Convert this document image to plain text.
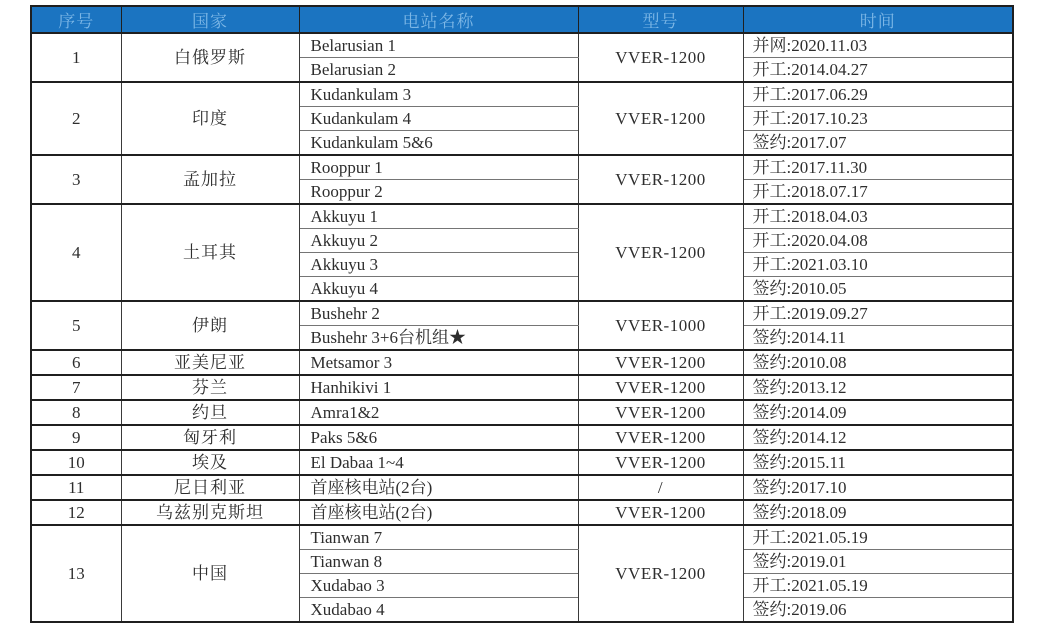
序号	国家	电站名称	型号	时间
1	白俄罗斯	Belarusian 1	VVER-1200	并网:2020.11.03
		Belarusian 2		开工:2014.04.27
2	印度	Kudankulam 3	VVER-1200	开工:2017.06.29
		Kudankulam 4		开工:2017.10.23
		Kudankulam 5&6		签约:2017.07
3	孟加拉	Rooppur 1	VVER-1200	开工:2017.11.30
		Rooppur 2		开工:2018.07.17
4	土耳其	Akkuyu 1	VVER-1200	开工:2018.04.03
		Akkuyu 2		开工:2020.04.08
		Akkuyu 3		开工:2021.03.10
		Akkuyu 4		签约:2010.05
5	伊朗	Bushehr 2	VVER-1000	开工:2019.09.27
		Bushehr 3+6台机组★		签约:2014.11
6	亚美尼亚	Metsamor 3	VVER-1200	签约:2010.08
7	芬兰	Hanhikivi 1	VVER-1200	签约:2013.12
8	约旦	Amra1&2	VVER-1200	签约:2014.09
9	匈牙利	Paks 5&6	VVER-1200	签约:2014.12
10	埃及	El Dabaa 1~4	VVER-1200	签约:2015.11
11	尼日利亚	首座核电站(2台)	/	签约:2017.10
12	乌兹别克斯坦	首座核电站(2台)	VVER-1200	签约:2018.09
13	中国	Tianwan 7	VVER-1200	开工:2021.05.19
		Tianwan 8		签约:2019.01
		Xudabao 3		开工:2021.05.19
		Xudabao 4		签约:2019.06
